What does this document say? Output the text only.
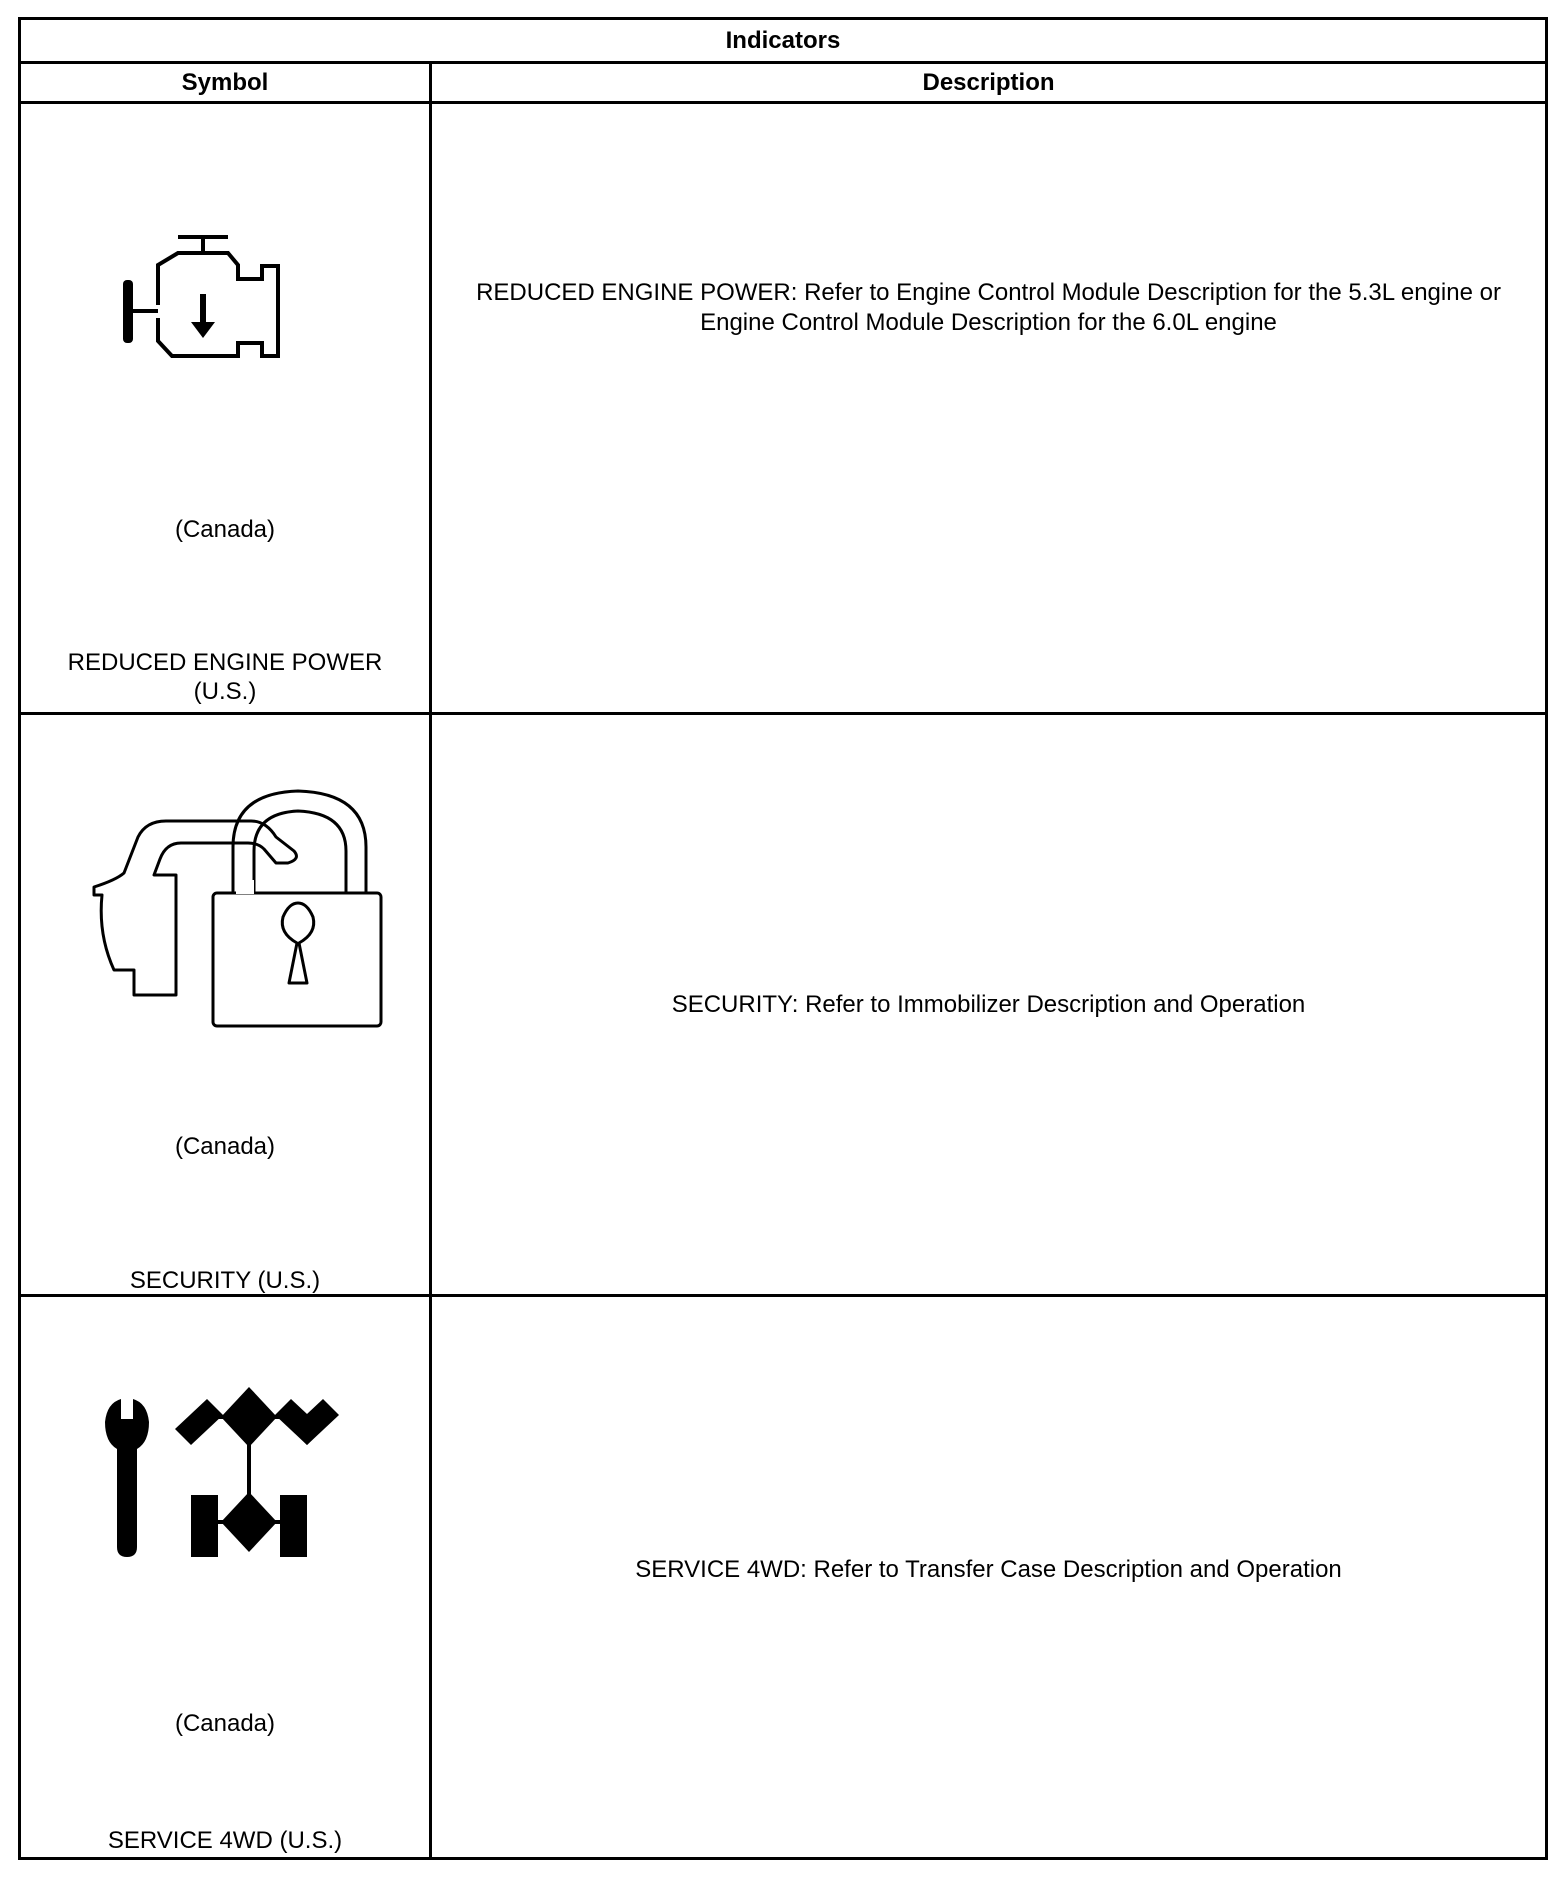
Indicators
Symbol	Description
(Canada)
REDUCED ENGINE POWER
(U.S.)
REDUCED ENGINE POWER: Refer to Engine Control Module Description for the 5.3L engine or
Engine Control Module Description for the 6.0L engine
(Canada)
SECURITY (U.S.)
SECURITY: Refer to Immobilizer Description and Operation
(Canada)
SERVICE 4WD (U.S.)
SERVICE 4WD: Refer to Transfer Case Description and Operation
